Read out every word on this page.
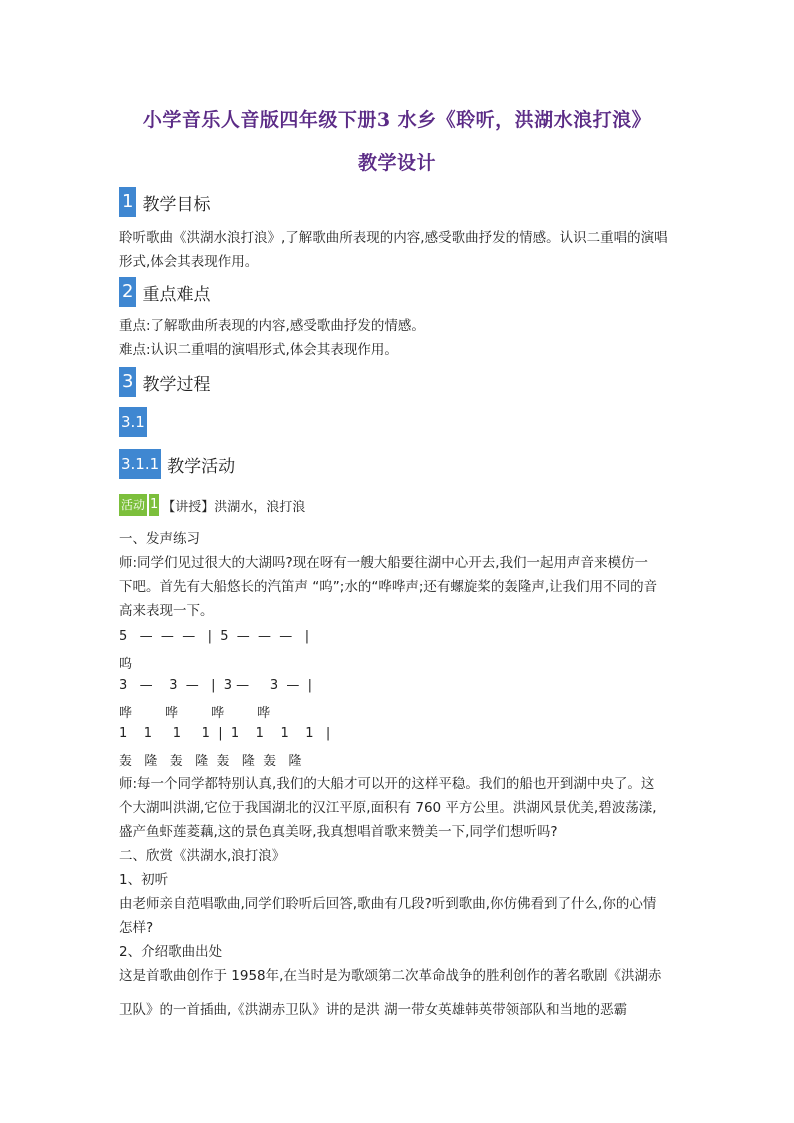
小学音乐人音版四年级下册3 水乡《聆听，洪湖水浪打浪》
教学设计
1 教学目标
聆听歌曲《洪湖水浪打浪》,了解歌曲所表现的内容,感受歌曲抒发的情感。认识二重唱的演唱形式,体会其表现作用。
2 重点难点
重点:了解歌曲所表现的内容,感受歌曲抒发的情感。
难点:认识二重唱的演唱形式,体会其表现作用。
3 教学过程
3.1
3.1.1 教学活动
活动 1 【讲授】洪湖水，浪打浪
一、发声练习
师:同学们见过很大的大湖吗?现在呀有一艘大船要往湖中心开去,我们一起用声音来模仿一
下吧。首先有大船悠长的汽笛声 “呜”;水的“哗哗声;还有螺旋桨的轰隆声,让我们用不同的音
高来表现一下。
5   —  —  —   |  5  —  —  —   |
呜
3   —    3  —   |  3 —     3  —  |
哗        哗        哗        哗
1    1     1     1  |  1    1    1    1   |
轰   隆   轰   隆  轰   隆  轰   隆
师:每一个同学都特别认真,我们的大船才可以开的这样平稳。我们的船也开到湖中央了。这
个大湖叫洪湖,它位于我国湖北的汉江平原,面积有 760 平方公里。洪湖风景优美,碧波荡漾,
盛产鱼虾莲菱藕,这的景色真美呀,我真想唱首歌来赞美一下,同学们想听吗?
二、欣赏《洪湖水,浪打浪》
1、初听
由老师亲自范唱歌曲,同学们聆听后回答,歌曲有几段?听到歌曲,你仿佛看到了什么,你的心情
怎样?
2、介绍歌曲出处
这是首歌曲创作于 1958年,在当时是为歌颂第二次革命战争的胜利创作的著名歌剧《洪湖赤
卫队》的一首插曲,《洪湖赤卫队》讲的是洪 湖一带女英雄韩英带领部队和当地的恶霸
